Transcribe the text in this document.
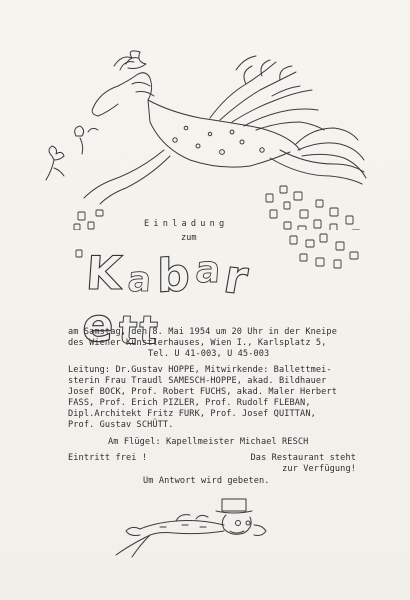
Einladung
zum
Kabarett
am Samstag, den 8. Mai 1954 um 20 Uhr in der Kneipe
des Wiener Künstlerhauses, Wien I., Karlsplatz 5,
Tel. U 41-003, U 45-003
Leitung: Dr.Gustav HOPPE, Mitwirkende: Ballettmei-
sterin Frau Traudl SAMESCH-HOPPE, akad. Bildhauer
Josef BOCK, Prof. Robert FUCHS, akad. Maler Herbert
FASS, Prof. Erich PIZLER, Prof. Rudolf FLEBAN,
Dipl.Architekt Fritz FURK, Prof. Josef QUITTAN,
Prof. Gustav SCHÜTT.
Am Flügel: Kapellmeister Michael RESCH
Eintritt frei !	Das Restaurant steht
zur Verfügung!
Um Antwort wird gebeten.
